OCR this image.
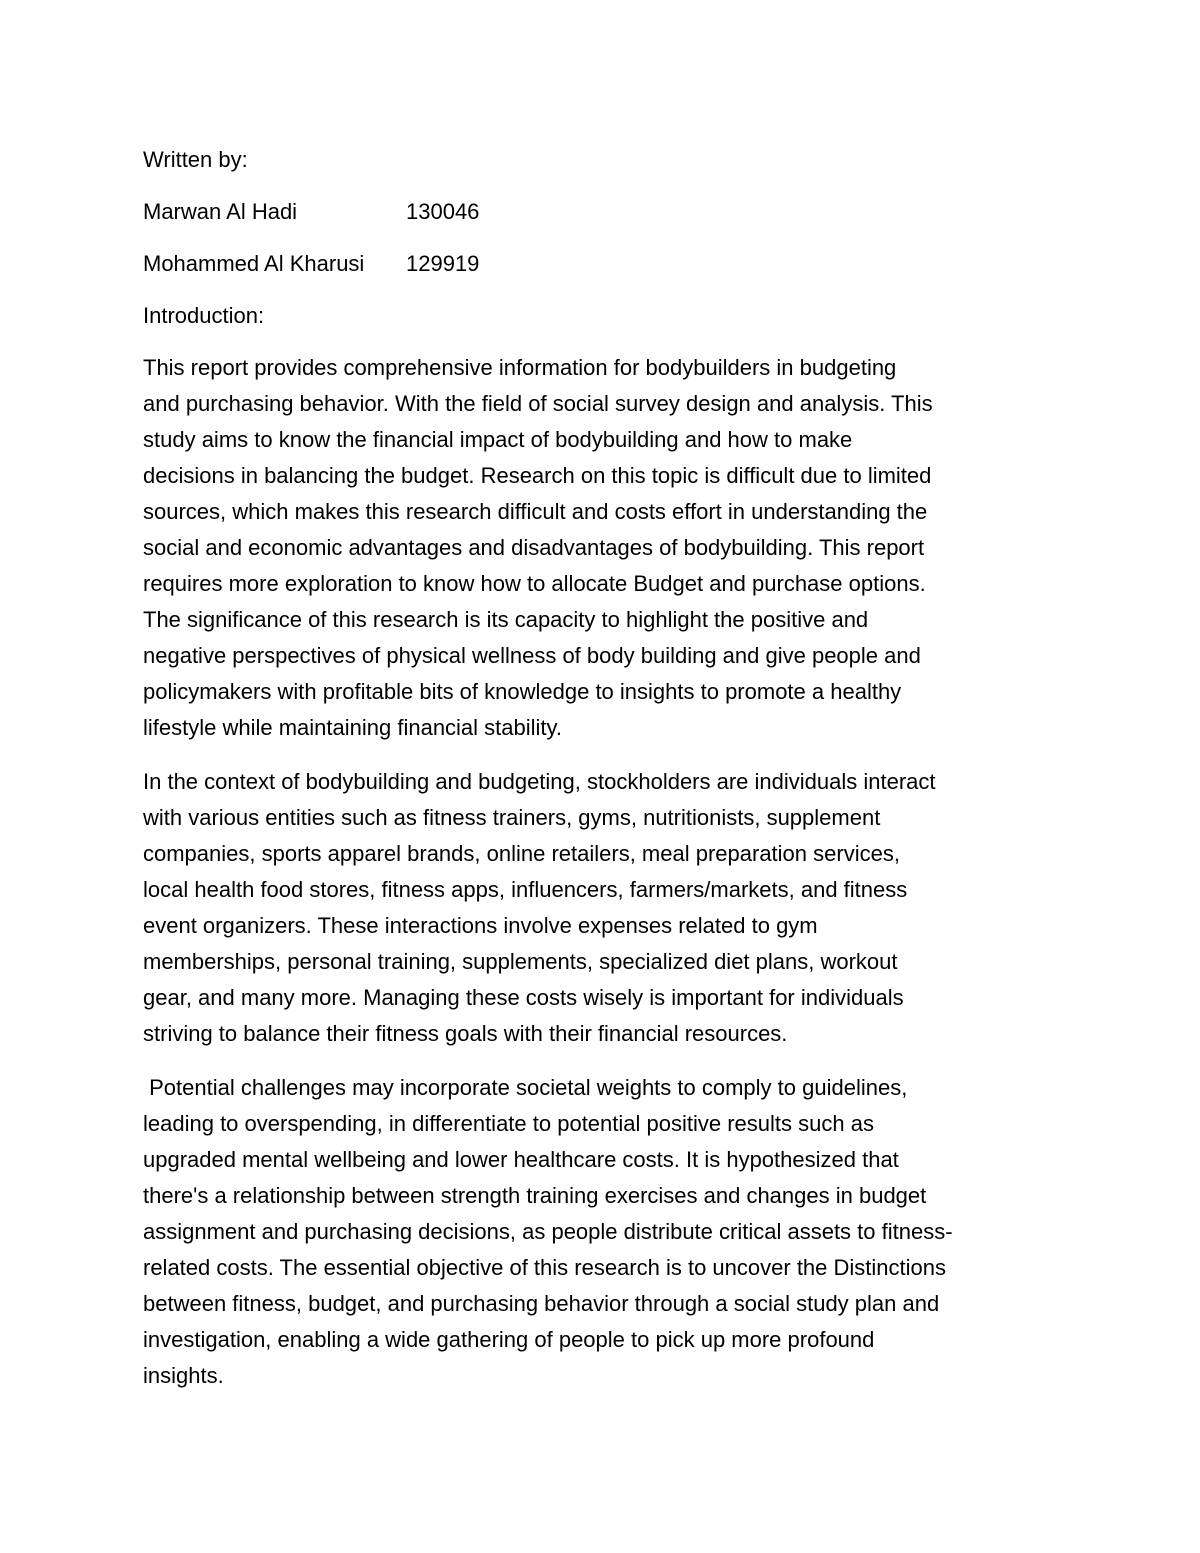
Written by:

Marwan Al Hadi	130046
Mohammed Al Kharusi	129919

Introduction:

This report provides comprehensive information for bodybuilders in budgeting

and purchasing behavior. With the field of social survey design and analysis. This

study aims to know the financial impact of bodybuilding and how to make

decisions in balancing the budget. Research on this topic is difficult due to limited

sources, which makes this research difficult and costs effort in understanding the

social and economic advantages and disadvantages of bodybuilding. This report

requires more exploration to know how to allocate Budget and purchase options.

The significance of this research is its capacity to highlight the positive and

negative perspectives of physical wellness of body building and give people and

policymakers with profitable bits of knowledge to insights to promote a healthy

lifestyle while maintaining financial stability.

In the context of bodybuilding and budgeting, stockholders are individuals interact

with various entities such as fitness trainers, gyms, nutritionists, supplement

companies, sports apparel brands, online retailers, meal preparation services,

local health food stores, fitness apps, influencers, farmers/markets, and fitness

event organizers. These interactions involve expenses related to gym

memberships, personal training, supplements, specialized diet plans, workout

gear, and many more. Managing these costs wisely is important for individuals

striving to balance their fitness goals with their financial resources.

Potential challenges may incorporate societal weights to comply to guidelines,

leading to overspending, in differentiate to potential positive results such as

upgraded mental wellbeing and lower healthcare costs. It is hypothesized that

there's a relationship between strength training exercises and changes in budget

assignment and purchasing decisions, as people distribute critical assets to fitness-

related costs. The essential objective of this research is to uncover the Distinctions

between fitness, budget, and purchasing behavior through a social study plan and

investigation, enabling a wide gathering of people to pick up more profound

insights.
